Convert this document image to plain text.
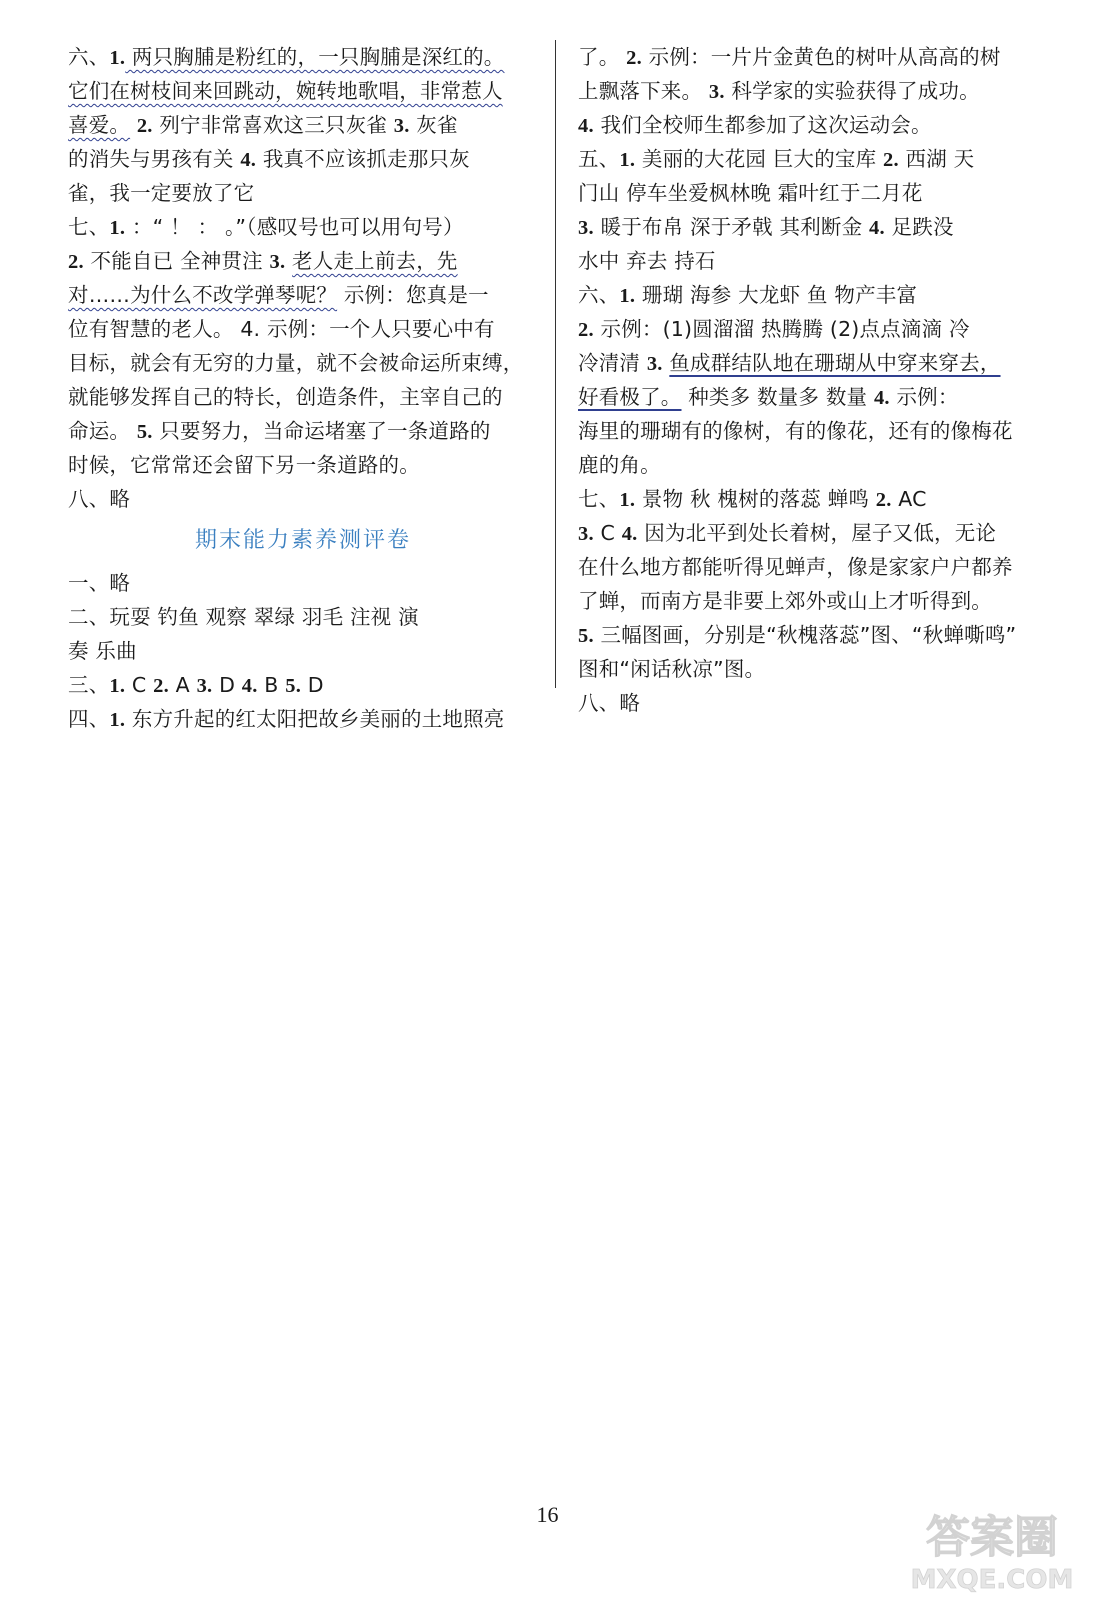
六、1. 两只胸脯是粉红的，一只胸脯是深红的。
它们在树枝间来回跳动，婉转地歌唱，非常惹人
喜爱。 2. 列宁非常喜欢这三只灰雀 3. 灰雀
的消失与男孩有关 4. 我真不应该抓走那只灰
雀，我一定要放了它
七、1. ：“ ！ ： 。”（感叹号也可以用句号）
2. 不能自已 全神贯注 3. 老人走上前去，先
对……为什么不改学弹琴呢？ 示例：您真是一
位有智慧的老人。 4. 示例：一个人只要心中有
目标，就会有无穷的力量，就不会被命运所束缚，
就能够发挥自己的特长，创造条件，主宰自己的
命运。 5. 只要努力，当命运堵塞了一条道路的
时候，它常常还会留下另一条道路的。
八、略
期末能力素养测评卷
一、略
二、玩耍 钓鱼 观察 翠绿 羽毛 注视 演
奏 乐曲
三、1. C 2. A 3. D 4. B 5. D
四、1. 东方升起的红太阳把故乡美丽的土地照亮
了。 2. 示例：一片片金黄色的树叶从高高的树
上飘落下来。 3. 科学家的实验获得了成功。
4. 我们全校师生都参加了这次运动会。
五、1. 美丽的大花园 巨大的宝库 2. 西湖 天
门山 停车坐爱枫林晚 霜叶红于二月花
3. 暖于布帛 深于矛戟 其利断金 4. 足跌没
水中 弃去 持石
六、1. 珊瑚 海参 大龙虾 鱼 物产丰富
2. 示例：(1)圆溜溜 热腾腾 (2)点点滴滴 冷
冷清清 3. 鱼成群结队地在珊瑚从中穿来穿去，
好看极了。 种类多 数量多 数量 4. 示例：
海里的珊瑚有的像树，有的像花，还有的像梅花
鹿的角。
七、1. 景物 秋 槐树的落蕊 蝉鸣 2. AC
3. C 4. 因为北平到处长着树，屋子又低，无论
在什么地方都能听得见蝉声，像是家家户户都养
了蝉，而南方是非要上郊外或山上才听得到。
5. 三幅图画，分别是“秋槐落蕊”图、“秋蝉嘶鸣”
图和“闲话秋凉”图。
八、略
16	答案圈
MXQE.COM
